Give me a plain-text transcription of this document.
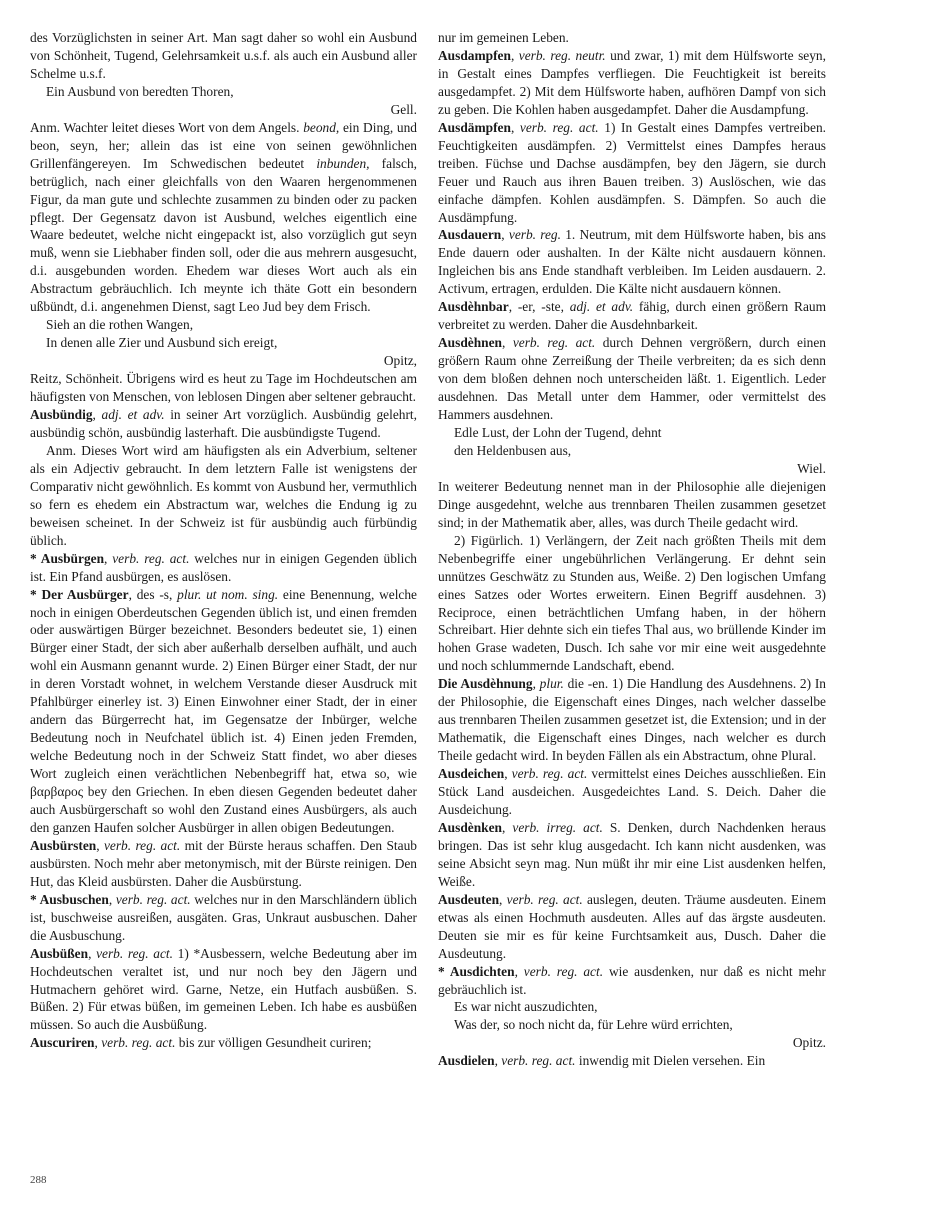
des Vorzüglichsten in seiner Art. Man sagt daher so wohl ein Ausbund von Schönheit, Tugend, Gelehrsamkeit u.s.f. als auch ein Ausbund aller Schelme u.s.f.
Ein Ausbund von beredten Thoren,
Gell.
Anm. Wachter leitet dieses Wort von dem Angels. beond, ein Ding, und beon, seyn, her; allein das ist eine von seinen gewöhnlichen Grillenfängereyen. Im Schwedischen bedeutet inbunden, falsch, betrüglich, nach einer gleichfalls von den Waaren hergenommenen Figur, da man gute und schlechte zusammen zu binden oder zu packen pflegt. Der Gegensatz davon ist Ausbund, welches eigentlich eine Waare bedeutet, welche nicht eingepackt ist, also vorzüglich gut seyn muß, wenn sie Liebhaber finden soll, oder die aus mehrern ausgesucht, d.i. ausgebunden worden. Ehedem war dieses Wort auch als ein Abstractum gebräuchlich. Ich meynte ich thäte Gott ein besondern ußbündt, d.i. angenehmen Dienst, sagt Leo Jud bey dem Frisch.
Sieh an die rothen Wangen,
In denen alle Zier und Ausbund sich ereigt,
Opitz,
Reitz, Schönheit. Übrigens wird es heut zu Tage im Hochdeutschen am häufigsten von Menschen, von leblosen Dingen aber seltener gebraucht.
Ausbündig, adj. et adv. in seiner Art vorzüglich. Ausbündig gelehrt, ausbündig schön, ausbündig lasterhaft. Die ausbündigste Tugend.
Anm. Dieses Wort wird am häufigsten als ein Adverbium, seltener als ein Adjectiv gebraucht. In dem letztern Falle ist wenigstens der Comparativ nicht gewöhnlich. Es kommt von Ausbund her, vermuthlich so fern es ehedem ein Abstractum war, welches die Endung ig zu beweisen scheinet. In der Schweiz ist für ausbündig auch fürbündig üblich.
* Ausbürgen, verb. reg. act. welches nur in einigen Gegenden üblich ist. Ein Pfand ausbürgen, es auslösen.
* Der Ausbürger, des -s, plur. ut nom. sing. eine Benennung, welche noch in einigen Oberdeutschen Gegenden üblich ist, und einen fremden oder auswärtigen Bürger bezeichnet. Besonders bedeutet sie, 1) einen Bürger einer Stadt, der sich aber außerhalb derselben aufhält, und auch wohl ein Ausmann genannt wurde. 2) Einen Bürger einer Stadt, der nur in deren Vorstadt wohnet, in welchem Verstande dieser Ausdruck mit Pfahlbürger einerley ist. 3) Einen Einwohner einer Stadt, der in einer andern das Bürgerrecht hat, im Gegensatze der Inbürger, welche Bedeutung noch in Neufchatel üblich ist. 4) Einen jeden Fremden, welche Bedeutung noch in der Schweiz Statt findet, wo aber dieses Wort zugleich einen verächtlichen Nebenbegriff hat, etwa so, wie βαρβαρος bey den Griechen. In eben diesen Gegenden bedeutet daher auch Ausbürgerschaft so wohl den Zustand eines Ausbürgers, als auch den ganzen Haufen solcher Ausbürger in allen obigen Bedeutungen.
Ausbürsten, verb. reg. act. mit der Bürste heraus schaffen. Den Staub ausbürsten. Noch mehr aber metonymisch, mit der Bürste reinigen. Den Hut, das Kleid ausbürsten. Daher die Ausbürstung.
* Ausbuschen, verb. reg. act. welches nur in den Marschländern üblich ist, buschweise ausreißen, ausgäten. Gras, Unkraut ausbuschen. Daher die Ausbuschung.
Ausbüßen, verb. reg. act. 1) *Ausbessern, welche Bedeutung aber im Hochdeutschen veraltet ist, und nur noch bey den Jägern und Hutmachern gehöret wird. Garne, Netze, ein Hutfach ausbüßen. S. Büßen. 2) Für etwas büßen, im gemeinen Leben. Ich habe es ausbüßen müssen. So auch die Ausbüßung.
Auscuriren, verb. reg. act. bis zur völligen Gesundheit curiren;
nur im gemeinen Leben.
Ausdampfen, verb. reg. neutr. und zwar, 1) mit dem Hülfsworte seyn, in Gestalt eines Dampfes verfliegen. Die Feuchtigkeit ist bereits ausgedampfet. 2) Mit dem Hülfsworte haben, aufhören Dampf von sich zu geben. Die Kohlen haben ausgedampfet. Daher die Ausdampfung.
Ausdämpfen, verb. reg. act. 1) In Gestalt eines Dampfes vertreiben. Feuchtigkeiten ausdämpfen. 2) Vermittelst eines Dampfes heraus treiben. Füchse und Dachse ausdämpfen, bey den Jägern, sie durch Feuer und Rauch aus ihren Bauen treiben. 3) Auslöschen, wie das einfache dämpfen. Kohlen ausdämpfen. S. Dämpfen. So auch die Ausdämpfung.
Ausdauern, verb. reg. 1. Neutrum, mit dem Hülfsworte haben, bis ans Ende dauern oder aushalten. In der Kälte nicht ausdauern können. Ingleichen bis ans Ende standhaft verbleiben. Im Leiden ausdauern. 2. Activum, ertragen, erdulden. Die Kälte nicht ausdauern können.
Ausdèhnbar, -er, -ste, adj. et adv. fähig, durch einen größern Raum verbreitet zu werden. Daher die Ausdehnbarkeit.
Ausdèhnen, verb. reg. act. durch Dehnen vergrößern, durch einen größern Raum ohne Zerreißung der Theile verbreiten; da es sich denn von dem bloßen dehnen noch unterscheiden läßt. 1. Eigentlich. Leder ausdehnen. Das Metall unter dem Hammer, oder vermittelst des Hammers ausdehnen.
Edle Lust, der Lohn der Tugend, dehnt
den Heldenbusen aus,
Wiel.
In weiterer Bedeutung nennet man in der Philosophie alle diejenigen Dinge ausgedehnt, welche aus trennbaren Theilen zusammen gesetzet sind; in der Mathematik aber, alles, was durch Theile gedacht wird.
2) Figürlich. 1) Verlängern, der Zeit nach größten Theils mit dem Nebenbegriffe einer ungebührlichen Verlängerung. Er dehnt sein unnützes Geschwätz zu Stunden aus, Weiße. 2) Den logischen Umfang eines Satzes oder Wortes erweitern. Einen Begriff ausdehnen. 3) Reciproce, einen beträchtlichen Umfang haben, in der höhern Schreibart. Hier dehnte sich ein tiefes Thal aus, wo brüllende Kinder im hohen Grase wadeten, Dusch. Ich sahe vor mir eine weit ausgedehnte und noch schlummernde Landschaft, ebend.
Die Ausdèhnung, plur. die -en. 1) Die Handlung des Ausdehnens. 2) In der Philosophie, die Eigenschaft eines Dinges, nach welcher dasselbe aus trennbaren Theilen zusammen gesetzet ist, die Extension; und in der Mathematik, die Eigenschaft eines Dinges, nach welcher es durch Theile gedacht wird. In beyden Fällen als ein Abstractum, ohne Plural.
Ausdeichen, verb. reg. act. vermittelst eines Deiches ausschließen. Ein Stück Land ausdeichen. Ausgedeichtes Land. S. Deich. Daher die Ausdeichung.
Ausdènken, verb. irreg. act. S. Denken, durch Nachdenken heraus bringen. Das ist sehr klug ausgedacht. Ich kann nicht ausdenken, was seine Absicht seyn mag. Nun müßt ihr mir eine List ausdenken helfen, Weiße.
Ausdeuten, verb. reg. act. auslegen, deuten. Träume ausdeuten. Einem etwas als einen Hochmuth ausdeuten. Alles auf das ärgste ausdeuten. Deuten sie mir es für keine Furchtsamkeit aus, Dusch. Daher die Ausdeutung.
* Ausdichten, verb. reg. act. wie ausdenken, nur daß es nicht mehr gebräuchlich ist.
Es war nicht auszudichten,
Was der, so noch nicht da, für Lehre würd errichten,
Opitz.
Ausdielen, verb. reg. act. inwendig mit Dielen versehen. Ein
288
